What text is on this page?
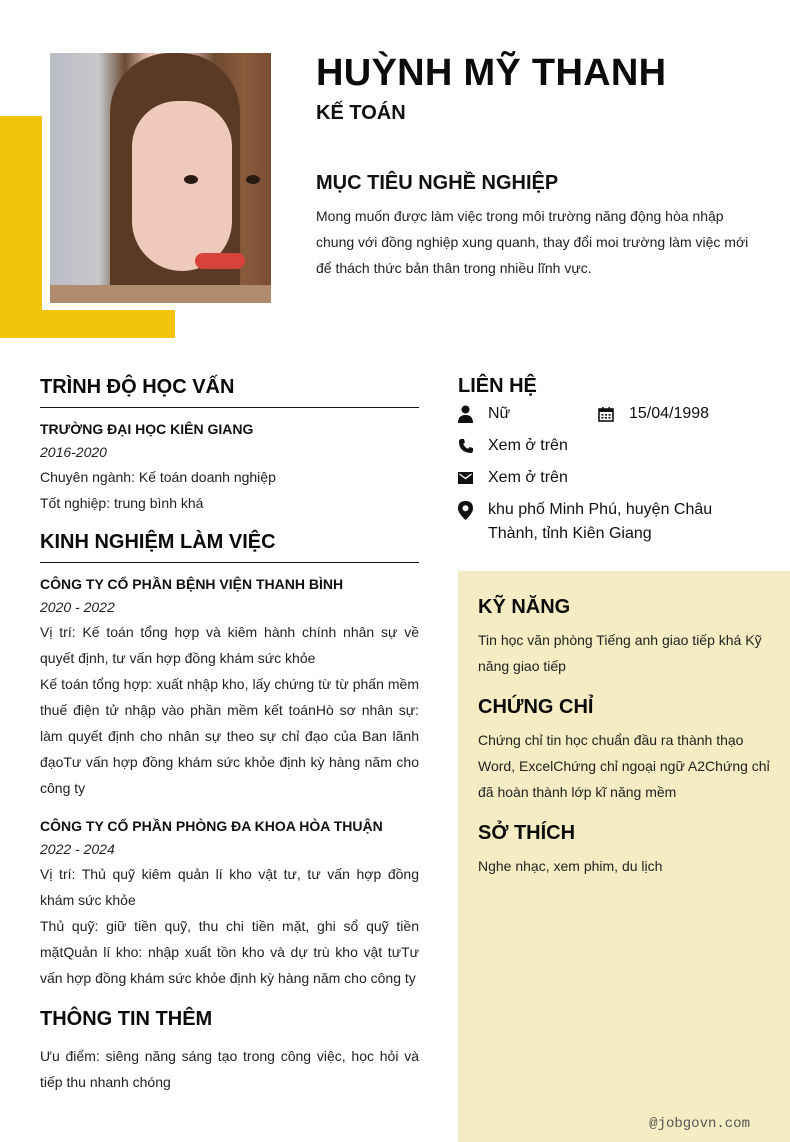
HUỲNH MỸ THANH
KẾ TOÁN
MỤC TIÊU NGHỀ NGHIỆP

Mong muốn được làm việc trong môi trường năng động hòa nhập chung với đồng nghiệp xung quanh, thay đổi moi trường làm việc mới để thách thức bản thân trong nhiều lĩnh vực.

TRÌNH ĐỘ HỌC VẤN
TRƯỜNG ĐẠI HỌC KIÊN GIANG
2016-2020
Chuyên ngành: Kế toán doanh nghiệp
Tốt nghiệp: trung bình khá
KINH NGHIỆM LÀM VIỆC
CÔNG TY CỔ PHẦN BỆNH VIỆN THANH BÌNH
2020 - 2022
Vị trí: Kế toán tổng hợp và kiêm hành chính nhân sự về quyết định, tư vấn hợp đồng khám sức khỏe
Kế toán tổng hợp: xuất nhập kho, lấy chứng từ từ phấn mềm thuế điện tử nhập vào phần mềm kết toánHò sơ nhân sự: làm quyết định cho nhân sự theo sự chỉ đạo của Ban lãnh đạoTư vấn hợp đồng khám sức khỏe định kỳ hàng năm cho công ty
CÔNG TY CỔ PHẦN PHÒNG ĐA KHOA HÒA THUẬN
2022 - 2024
Vị trí: Thủ quỹ kiêm quản lí kho vật tư, tư vấn hợp đồng khám sức khỏe
Thủ quỹ: giữ tiền quỹ, thu chi tiền mặt, ghi sổ quỹ tiền mặtQuản lí kho: nhập xuất tồn kho và dự trù kho vật tưTư vấn hợp đồng khám sức khỏe định kỳ hàng năm cho công ty
THÔNG TIN THÊM
Ưu điểm: siêng năng sáng tạo trong công việc, học hỏi và tiếp thu nhanh chóng
LIÊN HỆ
Nữ	15/04/1998
Xem ở trên
Xem ở trên
khu phố Minh Phú, huyện Châu Thành, tỉnh Kiên Giang
KỸ NĂNG

Tin học văn phòng Tiếng anh giao tiếp khá Kỹ năng giao tiếp

CHỨNG CHỈ

Chứng chỉ tin học chuẩn đầu ra thành thạo Word, ExcelChứng chỉ ngoại ngữ A2Chứng chỉ đã hoàn thành lớp kĩ năng mềm

SỞ THÍCH

Nghe nhạc, xem phim, du lịch

@jobgovn.com
